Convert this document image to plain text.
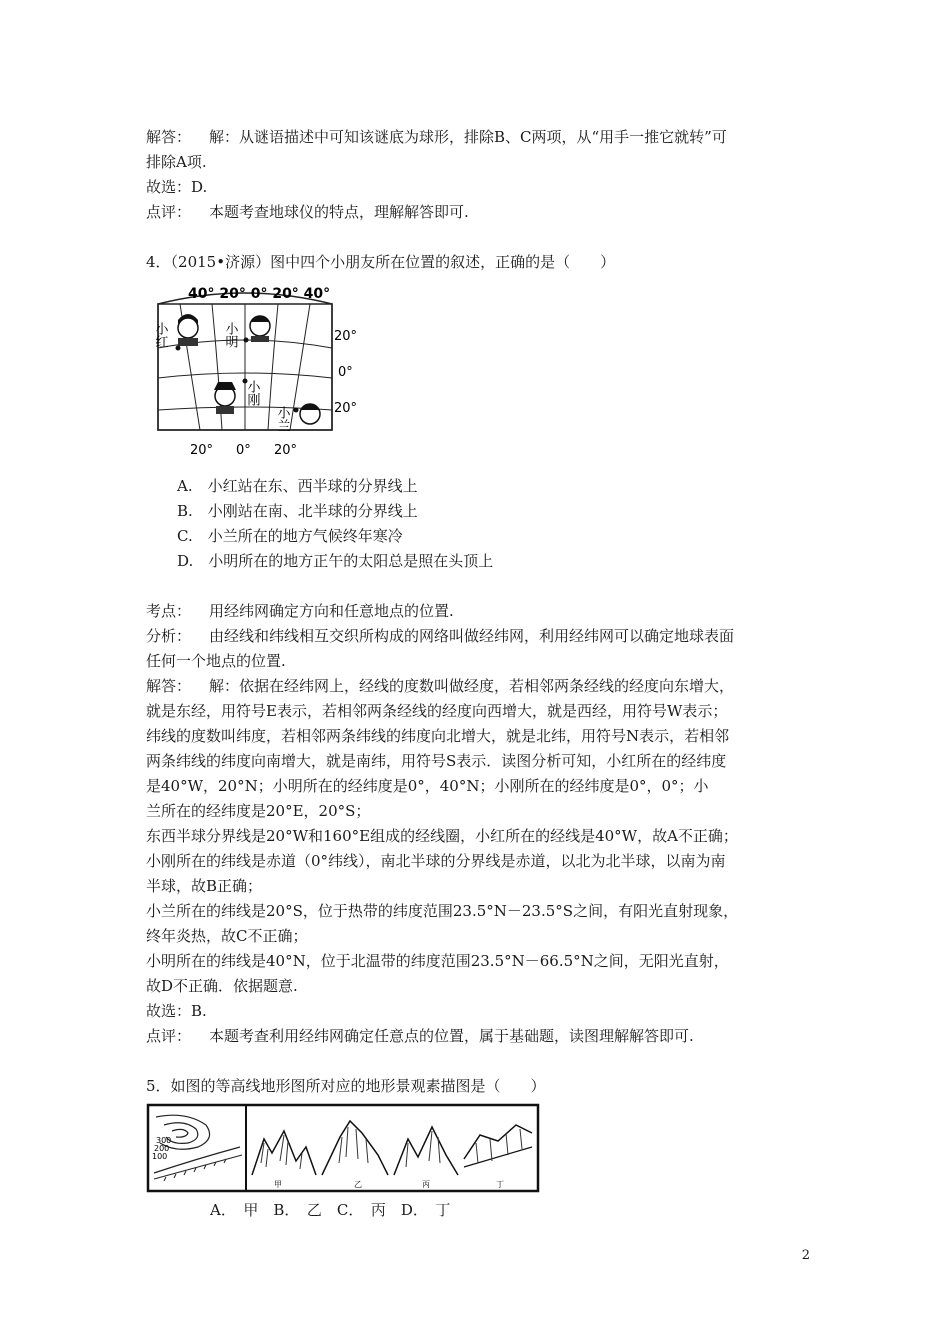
解答： 解：从谜语描述中可知该谜底为球形，排除B、C两项，从“用手一推它就转”可
排除A项.
故选：D.
点评： 本题考查地球仪的特点，理解解答即可.
4．（2015•济源）图中四个小朋友所在位置的叙述，正确的是（　　）
40° 20° 0° 20° 40°
20°
0°
20°
20° 0° 20°
小红	小明
小刚
小兰
A.　小红站在东、西半球的分界线上
B.　小刚站在南、北半球的分界线上
C.　小兰所在的地方气候终年寒冷
D.　小明所在的地方正午的太阳总是照在头顶上
考点： 用经纬网确定方向和任意地点的位置.
分析： 由经线和纬线相互交织所构成的网络叫做经纬网，利用经纬网可以确定地球表面
任何一个地点的位置.
解答： 解：依据在经纬网上，经线的度数叫做经度，若相邻两条经线的经度向东增大，
就是东经，用符号E表示，若相邻两条经线的经度向西增大，就是西经，用符号W表示；
纬线的度数叫纬度，若相邻两条纬线的纬度向北增大，就是北纬，用符号N表示，若相邻
两条纬线的纬度向南增大，就是南纬，用符号S表示．读图分析可知，小红所在的经纬度
是40°W，20°N；小明所在的经纬度是0°，40°N；小刚所在的经纬度是0°，0°；小
兰所在的经纬度是20°E，20°S；
东西半球分界线是20°W和160°E组成的经线圈，小红所在的经线是40°W，故A不正确；
小刚所在的纬线是赤道（0°纬线），南北半球的分界线是赤道，以北为北半球，以南为南
半球，故B正确；
小兰所在的纬线是20°S，位于热带的纬度范围23.5°N－23.5°S之间，有阳光直射现象，
终年炎热，故C不正确；
小明所在的纬线是40°N，位于北温带的纬度范围23.5°N－66.5°N之间，无阳光直射，
故D不正确．依据题意.
故选：B.
点评： 本题考查利用经纬网确定任意点的位置，属于基础题，读图理解解答即可.
5．如图的等高线地形图所对应的地形景观素描图是（　　）
300
200
100
甲	乙	丙	丁
A．　甲　B．　乙　C．　丙　D．　丁
2
